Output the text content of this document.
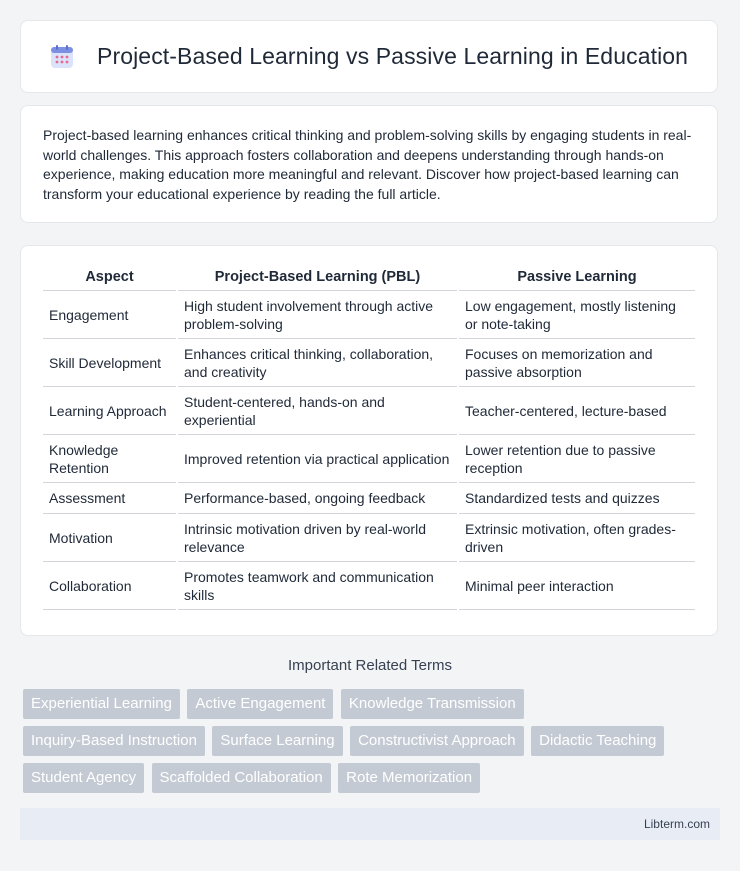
Project-Based Learning vs Passive Learning in Education

Project-based learning enhances critical thinking and problem-solving skills by engaging students in real-world challenges. This approach fosters collaboration and deepens understanding through hands-on experience, making education more meaningful and relevant. Discover how project-based learning can transform your educational experience by reading the full article.

Aspect	Project-Based Learning (PBL)	Passive Learning
Engagement	High student involvement through active problem-solving	Low engagement, mostly listening or note-taking
Skill Development	Enhances critical thinking, collaboration, and creativity	Focuses on memorization and passive absorption
Learning Approach	Student-centered, hands-on and experiential	Teacher-centered, lecture-based
Knowledge Retention	Improved retention via practical application	Lower retention due to passive reception
Assessment	Performance-based, ongoing feedback	Standardized tests and quizzes
Motivation	Intrinsic motivation driven by real-world relevance	Extrinsic motivation, often grades-driven
Collaboration	Promotes teamwork and communication skills	Minimal peer interaction
Important Related Terms
Experiential Learning Active Engagement Knowledge Transmission
Inquiry-Based Instruction Surface Learning Constructivist Approach Didactic Teaching
Student Agency Scaffolded Collaboration Rote Memorization
Libterm.com
